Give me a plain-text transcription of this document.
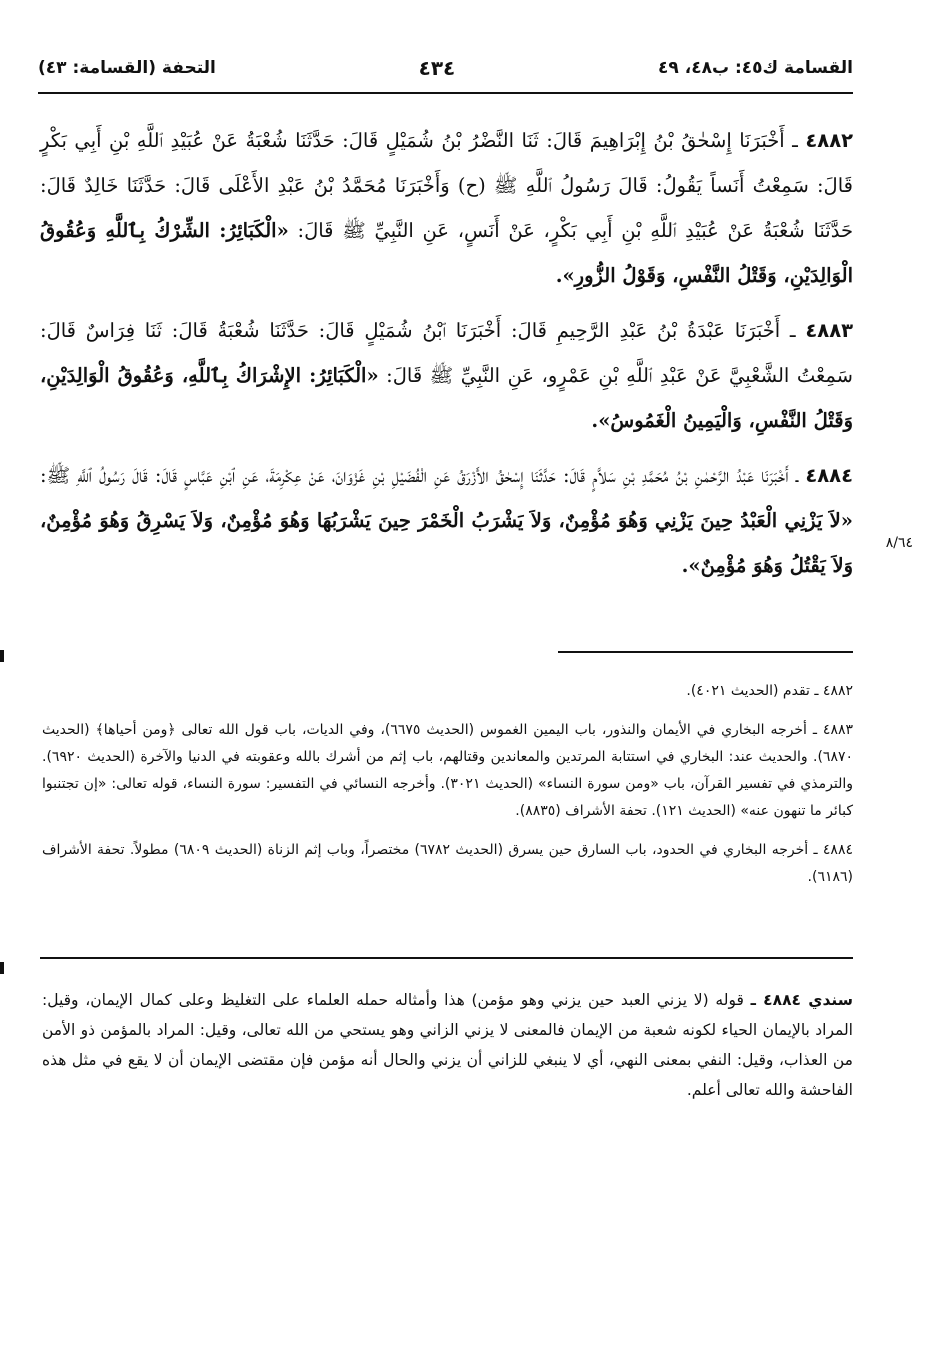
القسامة ك٤٥: ب٤٨، ٤٩
٤٣٤
التحفة (القسامة: ٤٣)

٤٨٨٢ ـ أَخْبَرَنَا إِسْحٰقُ بْنُ إِبْرَاهِيمَ قَالَ: ثَنَا النَّضْرُ بْنُ شُمَيْلٍ قَالَ: حَدَّثَنَا شُعْبَةُ عَنْ عُبَيْدِ ٱللَّهِ بْنِ أَبِي بَكْرٍ قَالَ: سَمِعْتُ أَنَساً يَقُولُ: قَالَ رَسُولُ ٱللَّهِ ﷺ (ح) وَأَخْبَرَنَا مُحَمَّدُ بْنُ عَبْدِ الأَعْلَى قَالَ: حَدَّثَنَا خَالِدٌ قَالَ: حَدَّثَنَا شُعْبَةُ عَنْ عُبَيْدِ ٱللَّهِ بْنِ أَبِي بَكْرٍ، عَنْ أَنَسٍ، عَنِ النَّبِيِّ ﷺ قَالَ: «الْكَبَائِرُ: الشِّرْكُ بِٱللَّهِ وَعُقُوقُ الْوَالِدَيْنِ، وَقَتْلُ النَّفْسِ، وَقَوْلُ الزُّورِ».

٤٨٨٣ ـ أَخْبَرَنَا عَبْدَةُ بْنُ عَبْدِ الرَّحِيمِ قَالَ: أَخْبَرَنَا ٱبْنُ شُمَيْلٍ قَالَ: حَدَّثَنَا شُعْبَةُ قَالَ: ثَنَا فِرَاسٌ قَالَ: سَمِعْتُ الشَّعْبِيَّ عَنْ عَبْدِ ٱللَّهِ بْنِ عَمْرٍو، عَنِ النَّبِيِّ ﷺ قَالَ: «الْكَبَائِرُ: الإِشْرَاكُ بِٱللَّهِ، وَعُقُوقُ الْوَالِدَيْنِ، وَقَتْلُ النَّفْسِ، وَالْيَمِينُ الْغَمُوسُ».

٤٨٨٤ ـ أَخْبَرَنَا عَبْدُ الرَّحْمٰنِ بْنُ مُحَمَّدِ بْنِ سَلاَّمٍ قَالَ: حَدَّثَنَا إِسْحٰقُ الأَزْرَقُ عَنِ الْفُضَيْلِ بْنِ غَزْوَانَ، عَنْ عِكْرِمَةَ، عَنِ ٱبْنِ عَبَّاسٍ قَالَ: قَالَ رَسُولُ ٱللَّهِ ﷺ: «لاَ يَزْنِي الْعَبْدُ حِينَ يَزْنِي وَهُوَ مُؤْمِنٌ، وَلاَ يَشْرَبُ الْخَمْرَ حِينَ يَشْرَبُهَا وَهُوَ مُؤْمِنٌ، وَلاَ يَسْرِقُ وَهُوَ مُؤْمِنٌ، وَلاَ يَقْتُلُ وَهُوَ مُؤْمِنٌ».

٨/٦٤

٤٨٨٢ ـ تقدم (الحديث ٤٠٢١).

٤٨٨٣ ـ أخرجه البخاري في الأيمان والنذور، باب اليمين الغموس (الحديث ٦٦٧٥)، وفي الديات، باب قول الله تعالى ﴿ومن أحياها﴾ (الحديث ٦٨٧٠). والحديث عند: البخاري في استتابة المرتدين والمعاندين وقتالهم، باب إثم من أشرك بالله وعقوبته في الدنيا والآخرة (الحديث ٦٩٢٠). والترمذي في تفسير القرآن، باب «ومن سورة النساء» (الحديث ٣٠٢١). وأخرجه النسائي في التفسير: سورة النساء، قوله تعالى: «إن تجتنبوا كبائر ما تنهون عنه» (الحديث ١٢١). تحفة الأشراف (٨٨٣٥).

٤٨٨٤ ـ أخرجه البخاري في الحدود، باب السارق حين يسرق (الحديث ٦٧٨٢) مختصراً، وباب إثم الزناة (الحديث ٦٨٠٩) مطولاً. تحفة الأشراف (٦١٨٦).

سندي ٤٨٨٤ ـ قوله (لا يزني العبد حين يزني وهو مؤمن) هذا وأمثاله حمله العلماء على التغليظ وعلى كمال الإيمان، وقيل: المراد بالإيمان الحياء لكونه شعبة من الإيمان فالمعنى لا يزني الزاني وهو يستحي من الله تعالى، وقيل: المراد بالمؤمن ذو الأمن من العذاب، وقيل: النفي بمعنى النهي، أي لا ينبغي للزاني أن يزني والحال أنه مؤمن فإن مقتضى الإيمان أن لا يقع في مثل هذه الفاحشة والله تعالى أعلم.
